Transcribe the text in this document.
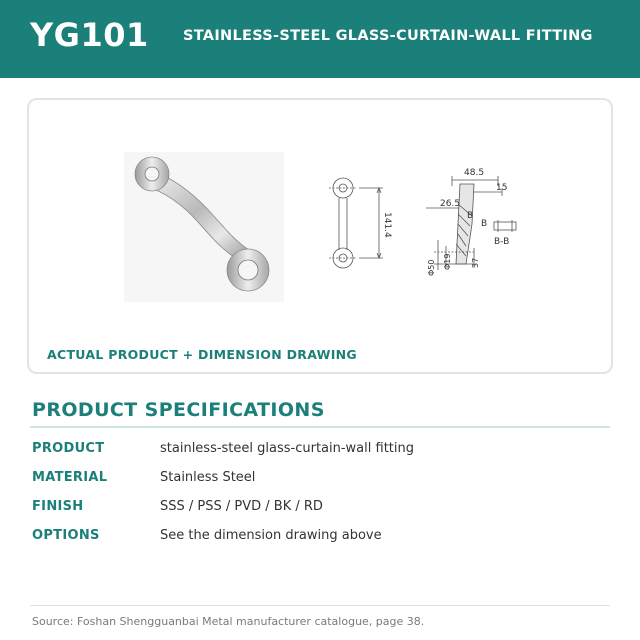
YG101 STAINLESS-STEEL GLASS-CURTAIN-WALL FITTING
141.4
48.5
15
26.5
B
B
B-B
Φ50 Φ19 37
ACTUAL PRODUCT + DIMENSION DRAWING
PRODUCT SPECIFICATIONS
PRODUCT	stainless-steel glass-curtain-wall fitting
MATERIAL	Stainless Steel
FINISH	SSS / PSS / PVD / BK / RD
OPTIONS	See the dimension drawing above
Source: Foshan Shengguanbai Metal manufacturer catalogue, page 38.
